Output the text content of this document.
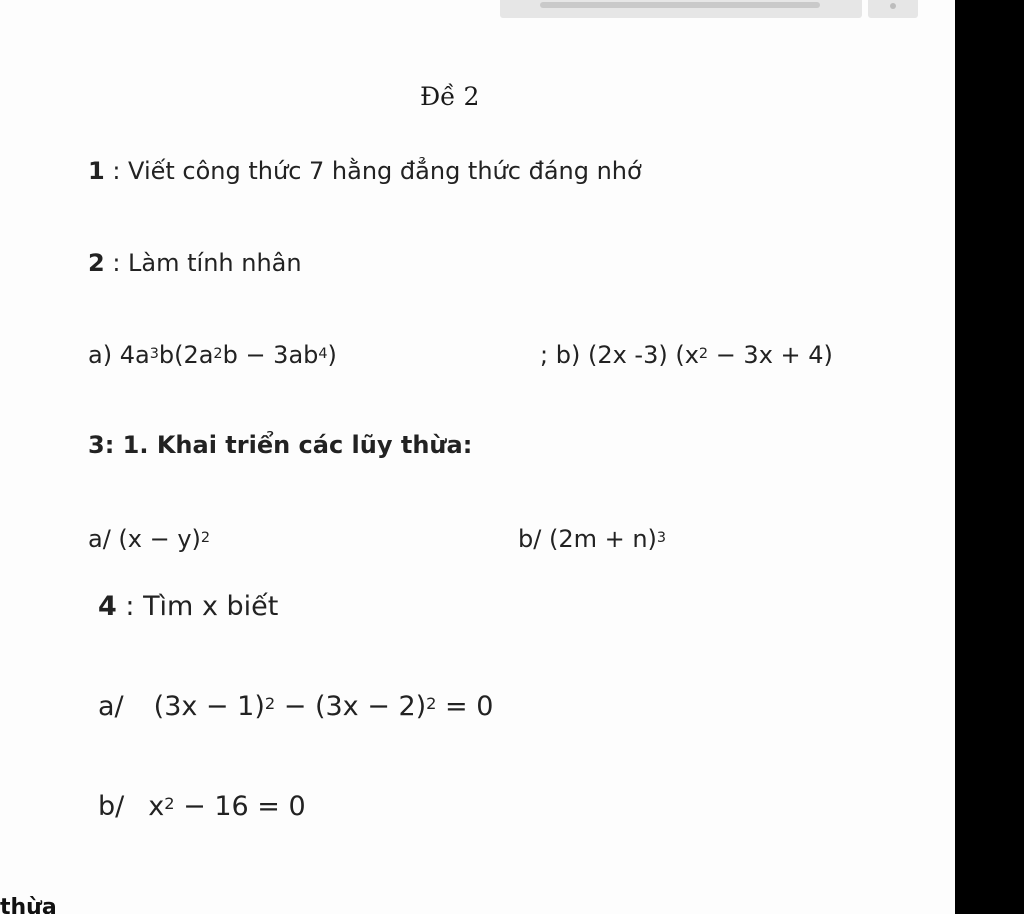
Đề 2
1 : Viết công thức 7 hằng đẳng thức đáng nhớ
2 : Làm tính nhân
a) $4a^3b(2a^2b - 3ab^4)$	; b) (2x -3) $(x^2 - 3x + 4)$
3: 1. Khai triển các lũy thừa:
a/ $(x - y)^2$	b/ $(2m + n)^3$
4 : Tìm x biết
a/ $(3x - 1)^2 - (3x - 2)^2 = 0$
b/ $x^2 - 16 = 0$
thừa
